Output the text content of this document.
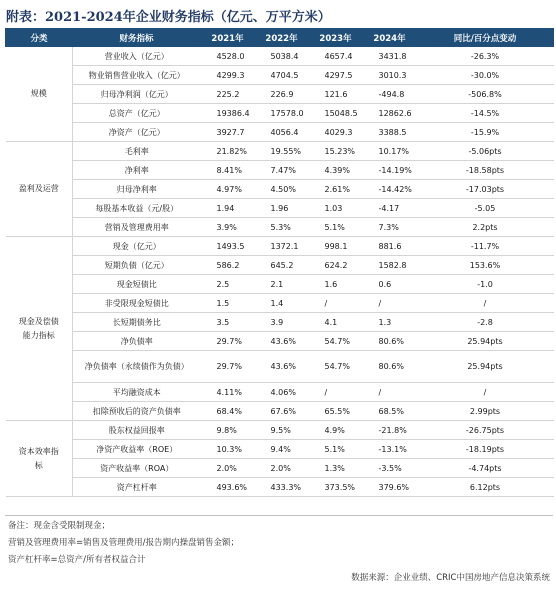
附表：2021-2024年企业财务指标（亿元、万平方米）
分类	财务指标	2021年	2022年	2023年	2024年	同比/百分点变动
规模	营业收入（亿元）	4528.0	5038.4	4657.4	3431.8	-26.3%
	物业销售营业收入（亿元）	4299.3	4704.5	4297.5	3010.3	-30.0%
	归母净利润（亿元）	225.2	226.9	121.6	-494.8	-506.8%
	总资产（亿元）	19386.4	17578.0	15048.5	12862.6	-14.5%
	净资产（亿元）	3927.7	4056.4	4029.3	3388.5	-15.9%
盈利及运营	毛利率	21.82%	19.55%	15.23%	10.17%	-5.06pts
	净利率	8.41%	7.47%	4.39%	-14.19%	-18.58pts
	归母净利率	4.97%	4.50%	2.61%	-14.42%	-17.03pts
	每股基本收益（元/股）	1.94	1.96	1.03	-4.17	-5.05
	营销及管理费用率	3.9%	5.3%	5.1%	7.3%	2.2pts
现金及偿债能力指标	现金（亿元）	1493.5	1372.1	998.1	881.6	-11.7%
	短期负债（亿元）	586.2	645.2	624.2	1582.8	153.6%
	现金短债比	2.5	2.1	1.6	0.6	-1.0
	非受限现金短债比	1.5	1.4	/	/	/
	长短期债务比	3.5	3.9	4.1	1.3	-2.8
	净负债率	29.7%	43.6%	54.7%	80.6%	25.94pts
	净负债率（永续债作为负债）	29.7%	43.6%	54.7%	80.6%	25.94pts
	平均融资成本	4.11%	4.06%	/	/	/
	扣除预收后的资产负债率	68.4%	67.6%	65.5%	68.5%	2.99pts
资本效率指标	股东权益回报率	9.8%	9.5%	4.9%	-21.8%	-26.75pts
	净资产收益率（ROE）	10.3%	9.4%	5.1%	-13.1%	-18.19pts
	资产收益率（ROA）	2.0%	2.0%	1.3%	-3.5%	-4.74pts
	资产杠杆率	493.6%	433.3%	373.5%	379.6%	6.12pts
备注：现金含受限制现金；
营销及管理费用率=销售及管理费用/报告期内操盘销售金额；
资产杠杆率=总资产/所有者权益合计
数据来源：企业业绩、CRIC中国房地产信息决策系统
